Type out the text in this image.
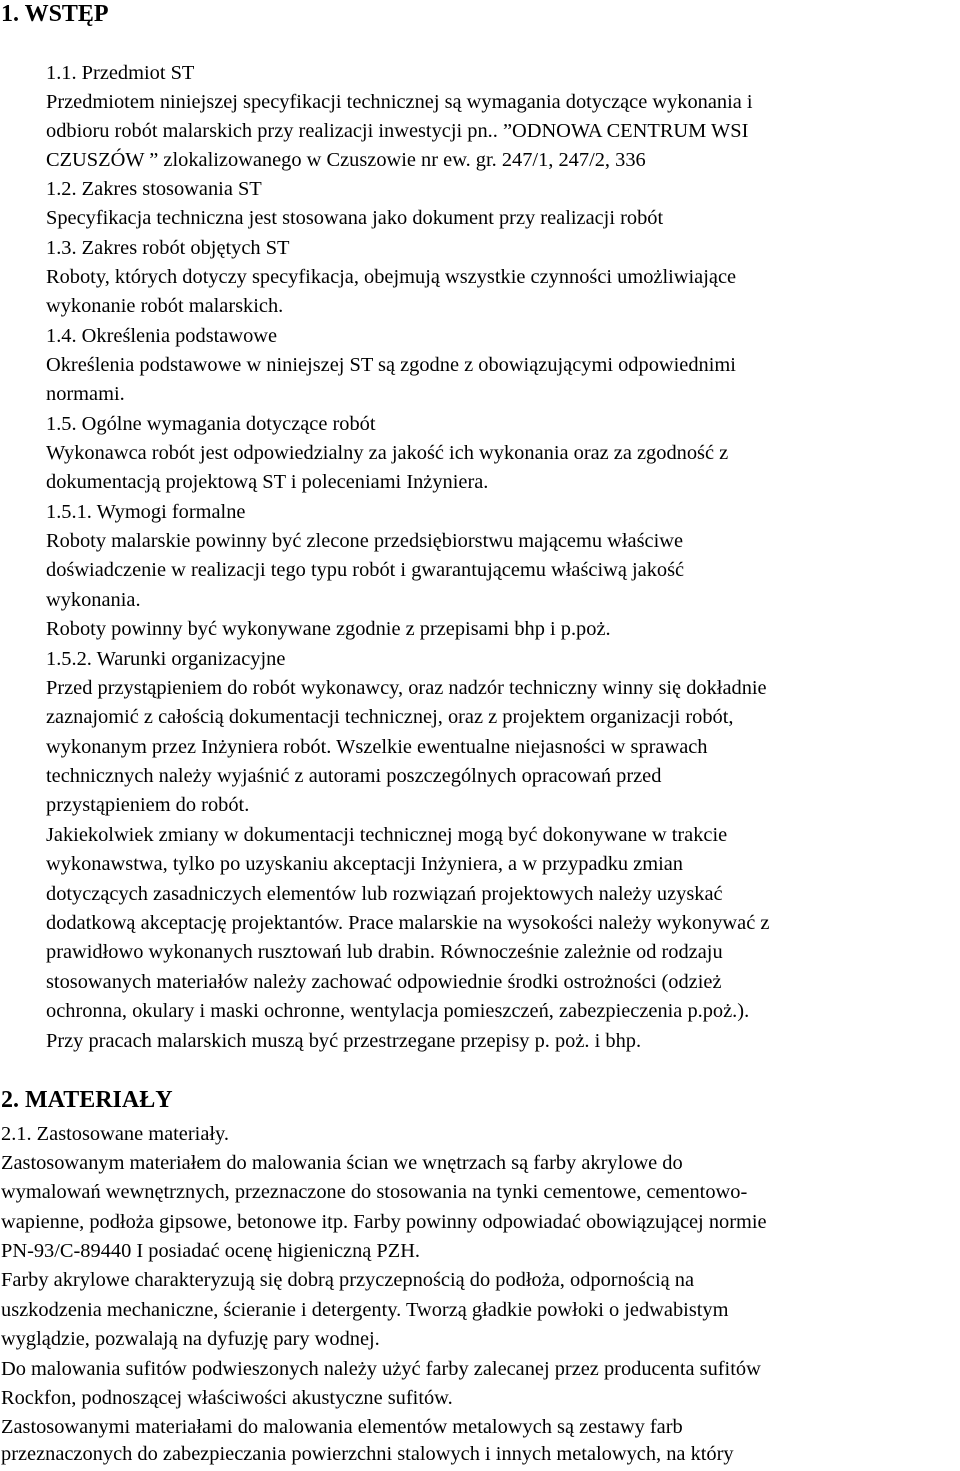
1. WSTĘP
1.1. Przedmiot ST
Przedmiotem niniejszej specyfikacji technicznej są wymagania dotyczące wykonania i
odbioru robót malarskich przy realizacji inwestycji pn.. ”ODNOWA CENTRUM WSI
CZUSZÓW ” zlokalizowanego w Czuszowie nr ew. gr. 247/1, 247/2, 336
1.2. Zakres stosowania ST
Specyfikacja techniczna jest stosowana jako dokument przy realizacji robót
1.3. Zakres robót objętych ST
Roboty, których dotyczy specyfikacja, obejmują wszystkie czynności umożliwiające
wykonanie robót malarskich.
1.4. Określenia podstawowe
Określenia podstawowe w niniejszej ST są zgodne z obowiązującymi odpowiednimi
normami.
1.5. Ogólne wymagania dotyczące robót
Wykonawca robót jest odpowiedzialny za jakość ich wykonania oraz za zgodność z
dokumentacją projektową ST i poleceniami Inżyniera.
1.5.1. Wymogi formalne
Roboty malarskie powinny być zlecone przedsiębiorstwu mającemu właściwe
doświadczenie w realizacji tego typu robót i gwarantującemu właściwą jakość
wykonania.
Roboty powinny być wykonywane zgodnie z przepisami bhp i p.poż.
1.5.2. Warunki organizacyjne
Przed przystąpieniem do robót wykonawcy, oraz nadzór techniczny winny się dokładnie
zaznajomić z całością dokumentacji technicznej, oraz z projektem organizacji robót,
wykonanym przez Inżyniera robót. Wszelkie ewentualne niejasności w sprawach
technicznych należy wyjaśnić z autorami poszczególnych opracowań przed
przystąpieniem do robót.
Jakiekolwiek zmiany w dokumentacji technicznej mogą być dokonywane w trakcie
wykonawstwa, tylko po uzyskaniu akceptacji Inżyniera, a w przypadku zmian
dotyczących zasadniczych elementów lub rozwiązań projektowych należy uzyskać
dodatkową akceptację projektantów. Prace malarskie na wysokości należy wykonywać z
prawidłowo wykonanych rusztowań lub drabin. Równocześnie zależnie od rodzaju
stosowanych materiałów należy zachować odpowiednie środki ostrożności (odzież
ochronna, okulary i maski ochronne, wentylacja pomieszczeń, zabezpieczenia p.poż.).
Przy pracach malarskich muszą być przestrzegane przepisy p. poż. i bhp.
2. MATERIAŁY
2.1. Zastosowane materiały.
Zastosowanym materiałem do malowania ścian we wnętrzach są farby akrylowe do
wymalowań wewnętrznych, przeznaczone do stosowania na tynki cementowe, cementowo-
wapienne, podłoża gipsowe, betonowe itp. Farby powinny odpowiadać obowiązującej normie
PN-93/C-89440 I posiadać ocenę higieniczną PZH.
Farby akrylowe charakteryzują się dobrą przyczepnością do podłoża, odpornością na
uszkodzenia mechaniczne, ścieranie i detergenty. Tworzą gładkie powłoki o jedwabistym
wyglądzie, pozwalają na dyfuzję pary wodnej.
Do malowania sufitów podwieszonych należy użyć farby zalecanej przez producenta sufitów
Rockfon, podnoszącej właściwości akustyczne sufitów.
Zastosowanymi materiałami do malowania elementów metalowych są zestawy farb
przeznaczonych do zabezpieczania powierzchni stalowych i innych metalowych, na który
